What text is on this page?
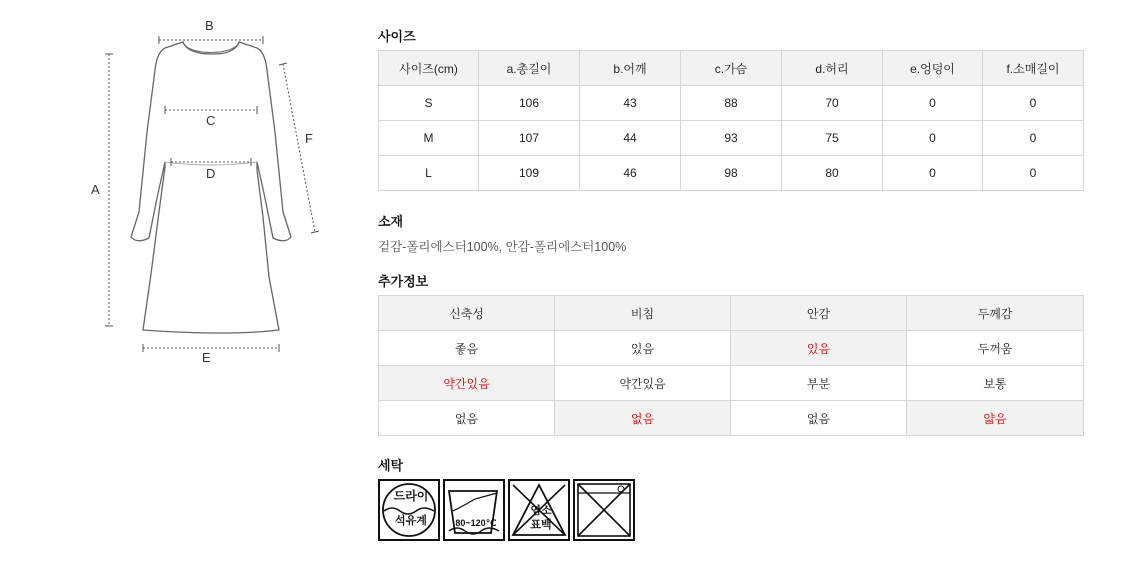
B
C
D
A
E
F
사이즈
사이즈(cm)	a.총길이	b.어깨	c.가슴	d.허리	e.엉덩이	f.소매길이
S	106	43	88	70	0	0
M	107	44	93	75	0	0
L	109	46	98	80	0	0
소재
겉감-폴리에스터100%, 안감-폴리에스터100%
추가정보
신축성	비침	안감	두께감
좋음	있음	있음	두꺼움
약간있음	약간있음	부분	보통
없음	없음	없음	얇음
세탁
드라이
석유계	80~120℃
염소
표백
